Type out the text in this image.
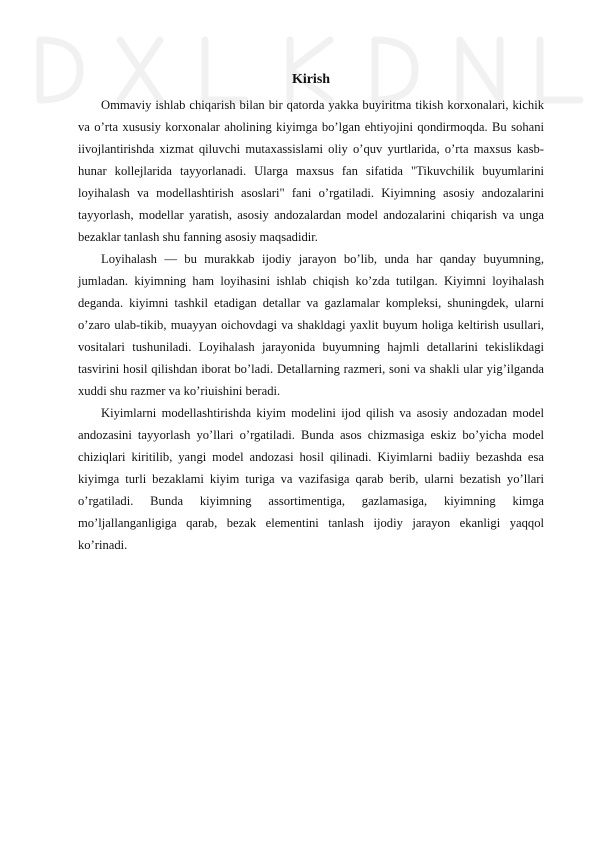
Kirish

Ommaviy ishlab chiqarish bilan bir qatorda yakka buyiritma tikish korxonalari, kichik va o’rta xususiy korxonalar aholining kiyimga bo’lgan ehtiyojini qondirmoqda. Bu sohani iivojlantirishda xizmat qiluvchi mutaxassislami oliy o’quv yurtlarida, o’rta maxsus kasb-hunar kollejlarida tayyorlanadi. Ularga maxsus fan sifatida "Tikuvchilik buyumlarini loyihalash va modellashtirish asoslari" fani o’rgatiladi. Kiyimning asosiy andozalarini tayyorlash, modellar yaratish, asosiy andozalardan model andozalarini chiqarish va unga bezaklar tanlash shu fanning asosiy maqsadidir.

Loyihalash — bu murakkab ijodiy jarayon bo’lib, unda har qanday buyumning, jumladan. kiyimning ham loyihasini ishlab chiqish ko’zda tutilgan. Kiyimni loyihalash deganda. kiyimni tashkil etadigan detallar va gazlamalar kompleksi, shuningdek, ularni o’zaro ulab-tikib, muayyan oichovdagi va shakldagi yaxlit buyum holiga keltirish usullari, vositalari tushuniladi. Loyihalash jarayonida buyumning hajmli detallarini tekislikdagi tasvirini hosil qilishdan iborat bo’ladi. Detallarning razmeri, soni va shakli ular yig’ilganda xuddi shu razmer va ko’riuishini beradi.

Kiyimlarni modellashtirishda kiyim modelini ijod qilish va asosiy andozadan model andozasini tayyorlash yo’llari o’rgatiladi. Bunda asos chizmasiga eskiz bo’yicha model chiziqlari kiritilib, yangi model andozasi hosil qilinadi. Kiyimlarni badiiy bezashda esa kiyimga turli bezaklami kiyim turiga va vazifasiga qarab berib, ularni bezatish yo’llari o’rgatiladi. Bunda kiyimning assortimentiga, gazlamasiga, kiyimning kimga mo’ljallanganligiga qarab, bezak elementini tanlash ijodiy jarayon ekanligi yaqqol ko’rinadi.
